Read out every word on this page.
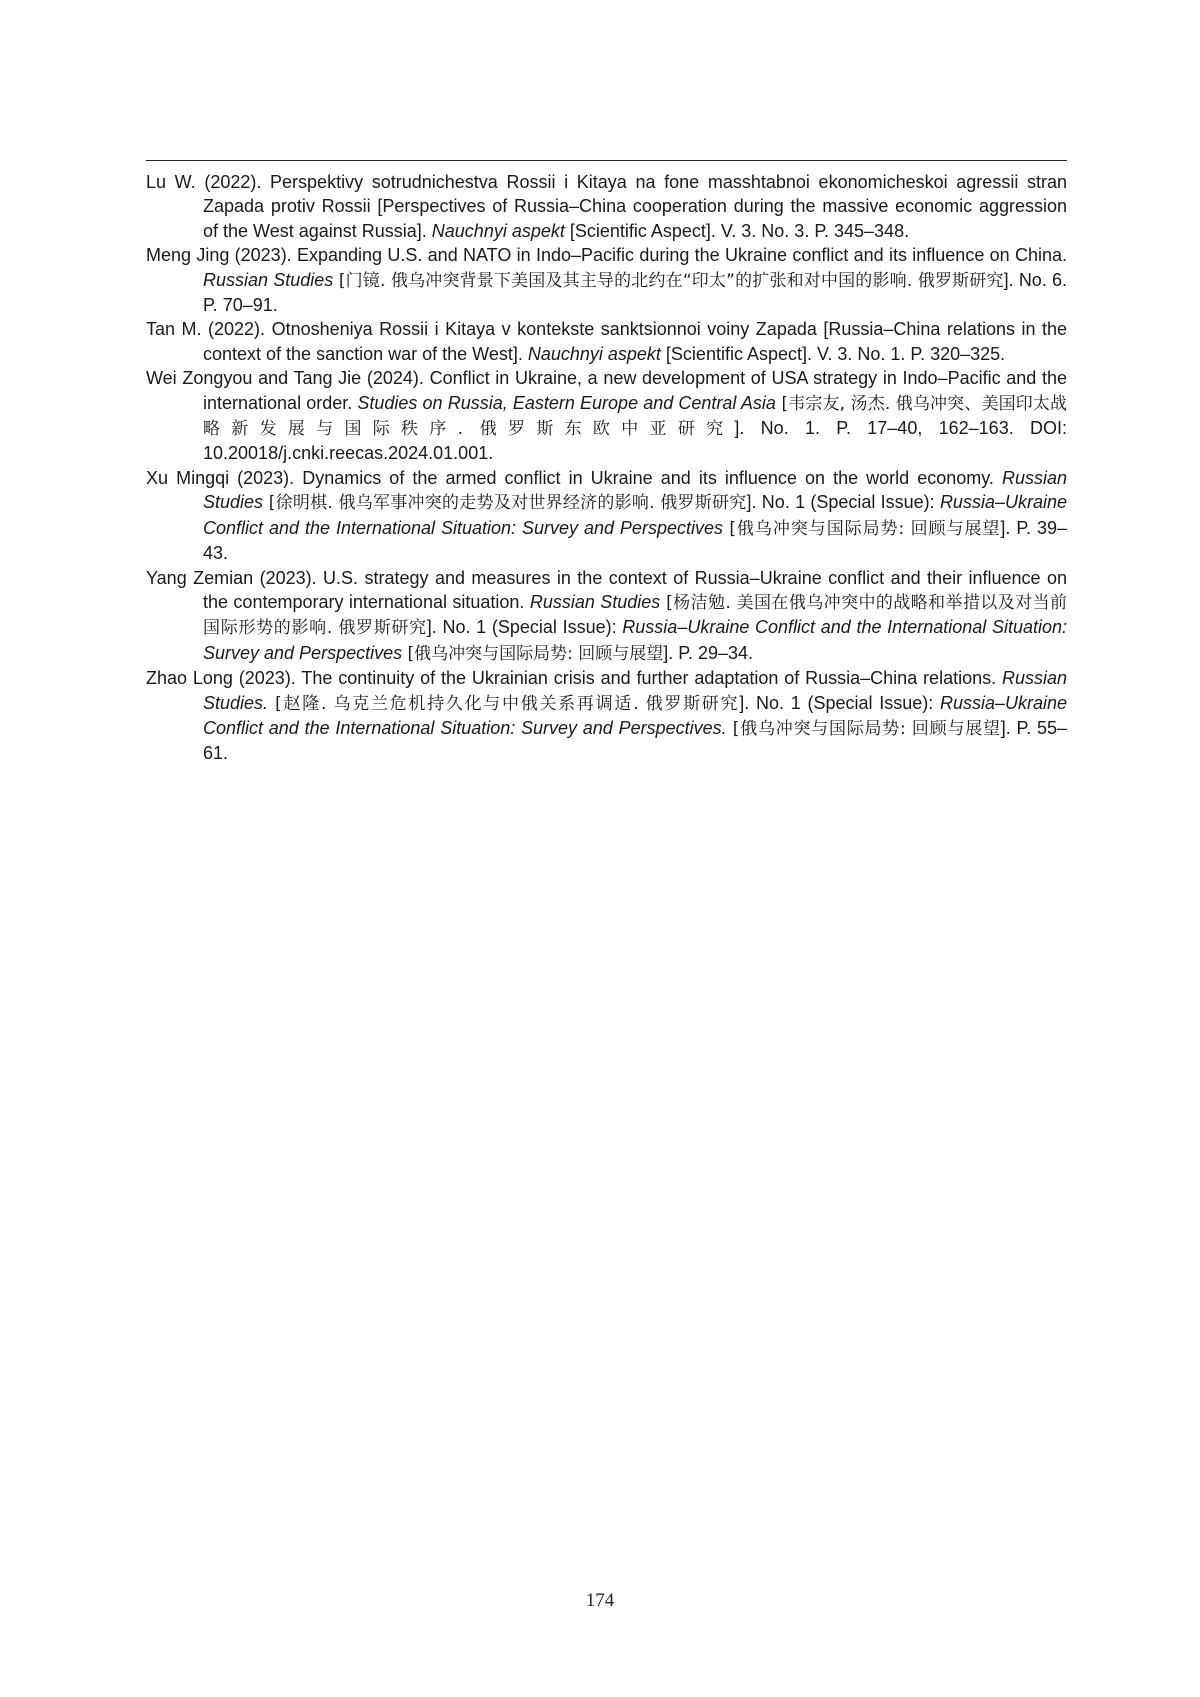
Lu W. (2022). Perspektivy sotrudnichestva Rossii i Kitaya na fone masshtabnoi ekonomicheskoi agressii stran Zapada protiv Rossii [Perspectives of Russia–China cooperation during the massive economic aggression of the West against Russia]. Nauchnyi aspekt [Scientific Aspect]. V. 3. No. 3. P. 345–348.

Meng Jing (2023). Expanding U.S. and NATO in Indo–Pacific during the Ukraine conflict and its influence on China. Russian Studies [门镜. 俄乌冲突背景下美国及其主导的北约在“印太”的扩张和对中国的影响. 俄罗斯研究]. No. 6. P. 70–91.

Tan M. (2022). Otnosheniya Rossii i Kitaya v kontekste sanktsionnoi voiny Zapada [Russia–China relations in the context of the sanction war of the West]. Nauchnyi aspekt [Scientific Aspect]. V. 3. No. 1. P. 320–325.

Wei Zongyou and Tang Jie (2024). Conflict in Ukraine, a new development of USA strategy in Indo–Pacific and the international order. Studies on Russia, Eastern Europe and Central Asia [韦宗友, 汤杰. 俄乌冲突、美国印太战略新发展与国际秩序. 俄罗斯东欧中亚研究]. No. 1. P. 17–40, 162–163. DOI: 10.20018/j.cnki.reecas.2024.01.001.

Xu Mingqi (2023). Dynamics of the armed conflict in Ukraine and its influence on the world economy. Russian Studies [徐明棋. 俄乌军事冲突的走势及对世界经济的影响. 俄罗斯研究]. No. 1 (Special Issue): Russia–Ukraine Conflict and the International Situation: Survey and Perspectives [俄乌冲突与国际局势: 回顾与展望]. P. 39–43.

Yang Zemian (2023). U.S. strategy and measures in the context of Russia–Ukraine conflict and their influence on the contemporary international situation. Russian Studies [杨洁勉. 美国在俄乌冲突中的战略和举措以及对当前国际形势的影响. 俄罗斯研究]. No. 1 (Special Issue): Russia–Ukraine Conflict and the International Situation: Survey and Perspectives [俄乌冲突与国际局势: 回顾与展望]. P. 29–34.

Zhao Long (2023). The continuity of the Ukrainian crisis and further adaptation of Russia–China relations. Russian Studies. [赵隆. 乌克兰危机持久化与中俄关系再调适. 俄罗斯研究]. No. 1 (Special Issue): Russia–Ukraine Conflict and the International Situation: Survey and Perspectives. [俄乌冲突与国际局势: 回顾与展望]. P. 55–61.

174
